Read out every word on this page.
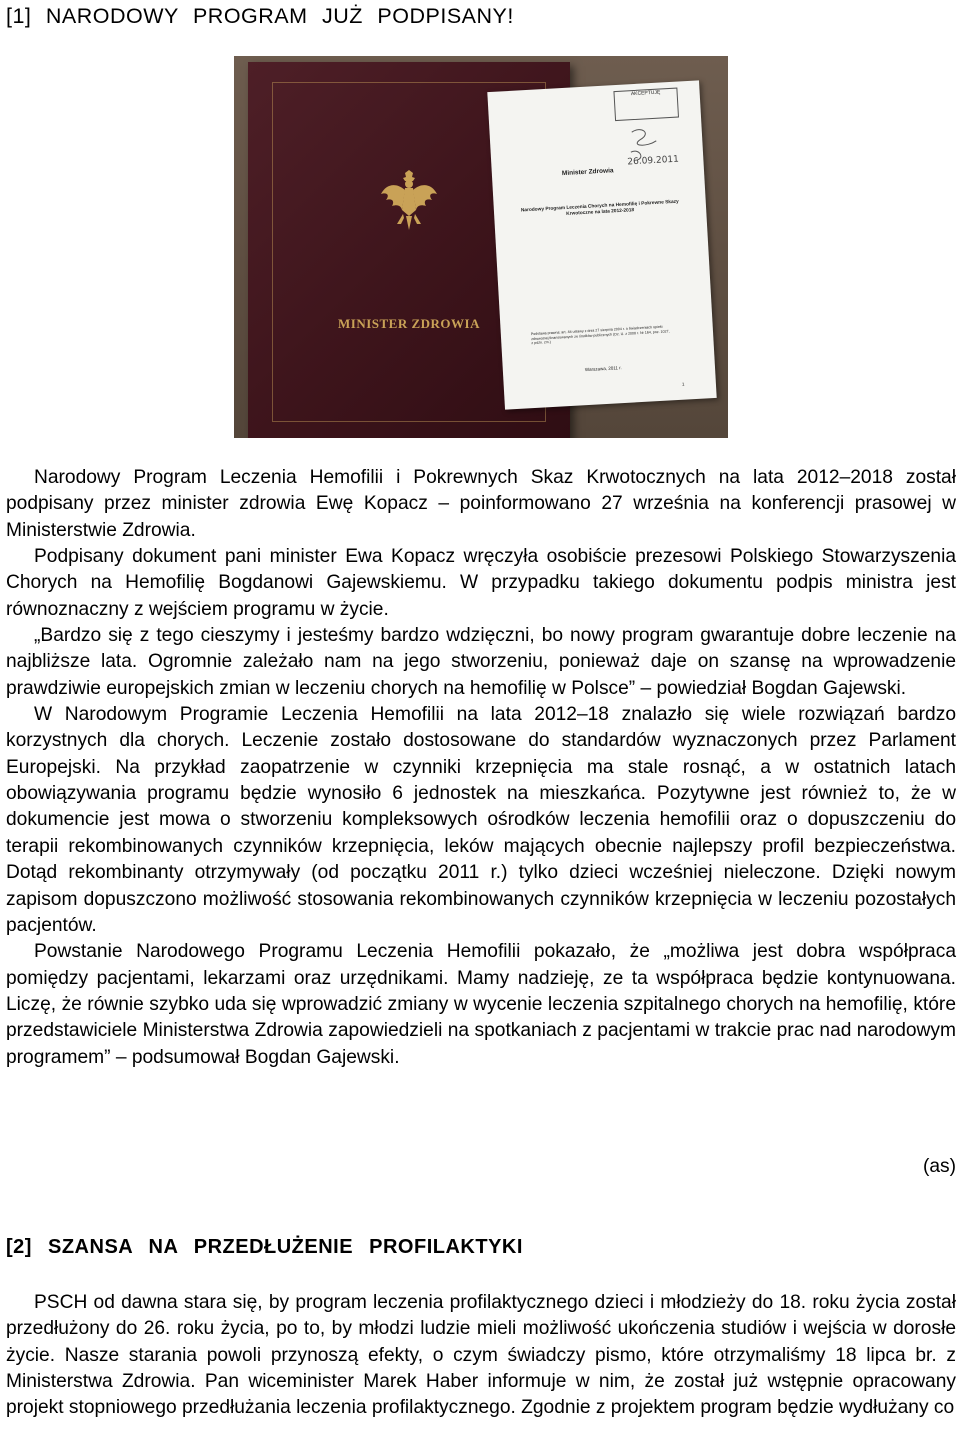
[1] NARODOWY PROGRAM JUŻ PODPISANY!
MINISTER ZDROWIA
AKCEPTUJĘ
26.09.2011
Minister Zdrowia
Narodowy Program Leczenia Chorych na Hemofilię i Pokrewne Skazy Krwotoczne na lata 2012-2018
Podstawa prawna: art. 48 ustawy z dnia 27 sierpnia 2004 r. o świadczeniach opieki zdrowotnej finansowanych ze środków publicznych (Dz. U. z 2008 r. Nr 164, poz. 1027, z późn. zm.)
Warszawa, 2011 r.
1

Narodowy Program Leczenia Hemofilii i Pokrewnych Skaz Krwotocznych na lata 2012–2018 został podpisany przez minister zdrowia Ewę Kopacz – poinformowano 27 września na konferencji prasowej w Ministerstwie Zdrowia.

Podpisany dokument pani minister Ewa Kopacz wręczyła osobiście prezesowi Polskiego Stowarzyszenia Chorych na Hemofilię Bogdanowi Gajewskiemu. W przypadku takiego dokumentu podpis ministra jest równoznaczny z wejściem programu w życie.

„Bardzo się z tego cieszymy i jesteśmy bardzo wdzięczni, bo nowy program gwarantuje dobre leczenie na najbliższe lata. Ogromnie zależało nam na jego stworzeniu, ponieważ daje on szansę na wprowadzenie prawdziwie europejskich zmian w leczeniu chorych na hemofilię w Polsce” – powiedział Bogdan Gajewski.

W Narodowym Programie Leczenia Hemofilii na lata 2012–18 znalazło się wiele rozwiązań bardzo korzystnych dla chorych. Leczenie zostało dostosowane do standardów wyznaczonych przez Parlament Europejski. Na przykład zaopatrzenie w czynniki krzepnięcia ma stale rosnąć, a w ostatnich latach obowiązywania programu będzie wynosiło 6 jednostek na mieszkańca. Pozytywne jest również to, że w dokumencie jest mowa o stworzeniu kompleksowych ośrodków leczenia hemofilii oraz o dopuszczeniu do terapii rekombinowanych czynników krzepnięcia, leków mających obecnie najlepszy profil bezpieczeństwa. Dotąd rekombinanty otrzymywały (od początku 2011 r.) tylko dzieci wcześniej nieleczone. Dzięki nowym zapisom dopuszczono możliwość stosowania rekombinowanych czynników krzepnięcia w leczeniu pozostałych pacjentów.

Powstanie Narodowego Programu Leczenia Hemofilii pokazało, że „możliwa jest dobra współpraca pomiędzy pacjentami, lekarzami oraz urzędnikami. Mamy nadzieję, ze ta współpraca będzie kontynuowana. Liczę, że równie szybko uda się wprowadzić zmiany w wycenie leczenia szpitalnego chorych na hemofilię, które przedstawiciele Ministerstwa Zdrowia zapowiedzieli na spotkaniach z pacjentami w trakcie prac nad narodowym programem” – podsumował Bogdan Gajewski.

(as)

[2] SZANSA NA PRZEDŁUŻENIE PROFILAKTYKI

PSCH od dawna stara się, by program leczenia profilaktycznego dzieci i młodzieży do 18. roku życia został przedłużony do 26. roku życia, po to, by młodzi ludzie mieli możliwość ukończenia studiów i wejścia w dorosłe życie. Nasze starania powoli przynoszą efekty, o czym świadczy pismo, które otrzymaliśmy 18 lipca br. z Ministerstwa Zdrowia. Pan wiceminister Marek Haber informuje w nim, że został już wstępnie opracowany projekt stopniowego przedłużania leczenia profilaktycznego. Zgodnie z projektem program będzie wydłużany co
